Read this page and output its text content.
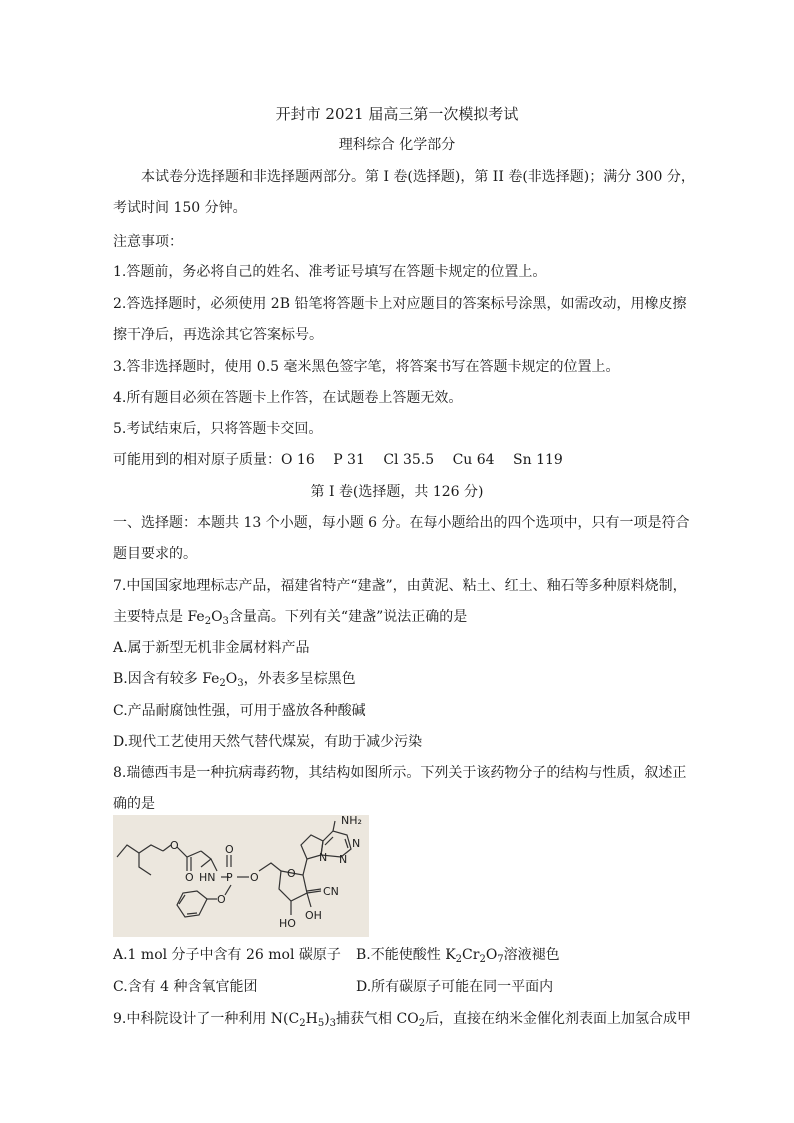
开封市 2021 届高三第一次模拟考试
理科综合 化学部分
本试卷分选择题和非选择题两部分。第 I 卷(选择题)，第 II 卷(非选择题)；满分 300 分，
考试时间 150 分钟。
注意事项：
1.答题前，务必将自己的姓名、准考证号填写在答题卡规定的位置上。
2.答选择题时，必须使用 2B 铅笔将答题卡上对应题目的答案标号涂黑，如需改动，用橡皮擦
擦干净后，再选涂其它答案标号。
3.答非选择题时，使用 0.5 毫米黑色签字笔，将答案书写在答题卡规定的位置上。
4.所有题目必须在答题卡上作答，在试题卷上答题无效。
5.考试结束后，只将答题卡交回。
可能用到的相对原子质量：O 16　 P 31　 Cl 35.5　 Cu 64　 Sn 119
第 I 卷(选择题，共 126 分)
一、选择题：本题共 13 个小题，每小题 6 分。在每小题给出的四个选项中，只有一项是符合
题目要求的。
7.中国国家地理标志产品，福建省特产“建盏”，由黄泥、粘土、红土、釉石等多种原料烧制，
主要特点是 $Fe_2O_3$含量高。下列有关“建盏”说法正确的是
A.属于新型无机非金属材料产品
B.因含有较多 $Fe_2O_3$，外表多呈棕黑色
C.产品耐腐蚀性强，可用于盛放各种酸碱
D.现代工艺使用天然气替代煤炭，有助于减少污染
8.瑞德西韦是一种抗病毒药物，其结构如图所示。下列关于该药物分子的结构与性质，叙述正
确的是
NH₂
O
O
O
HN P O
O
O
CN
N N
N
HO
OH
A.1 mol 分子中含有 26 mol 碳原子 B.不能使酸性 $K_2Cr_2O_7$溶液褪色
C.含有 4 种含氧官能团	D.所有碳原子可能在同一平面内
9.中科院设计了一种利用 $N(C_2H_5)_3$捕获气相 $CO_2$后，直接在纳米金催化剂表面上加氢合成甲
